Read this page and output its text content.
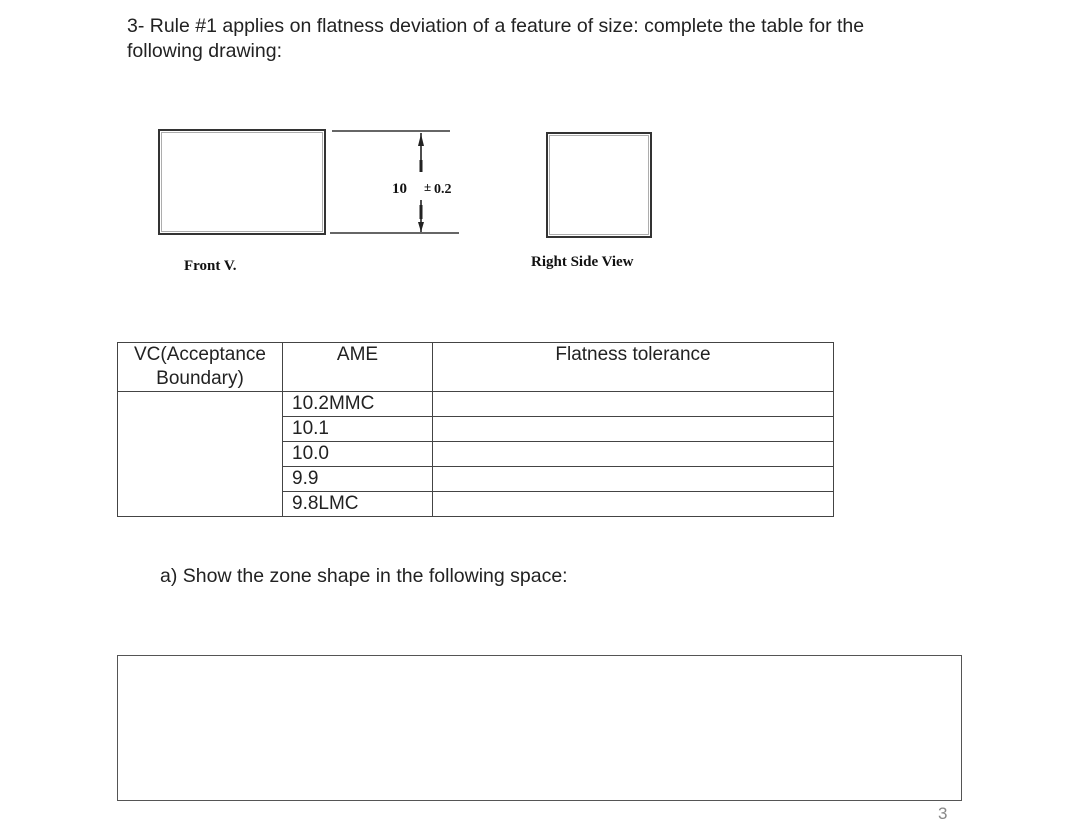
3- Rule #1 applies on flatness deviation of a feature of size: complete the table for the
following drawing:
10 ± 0.2
Front V.	Right Side View
VC(Acceptance
Boundary)	AME	Flatness tolerance
	10.2MMC	
	10.1	
	10.0	
	9.9	
	9.8LMC	
a) Show the zone shape in the following space:
3
